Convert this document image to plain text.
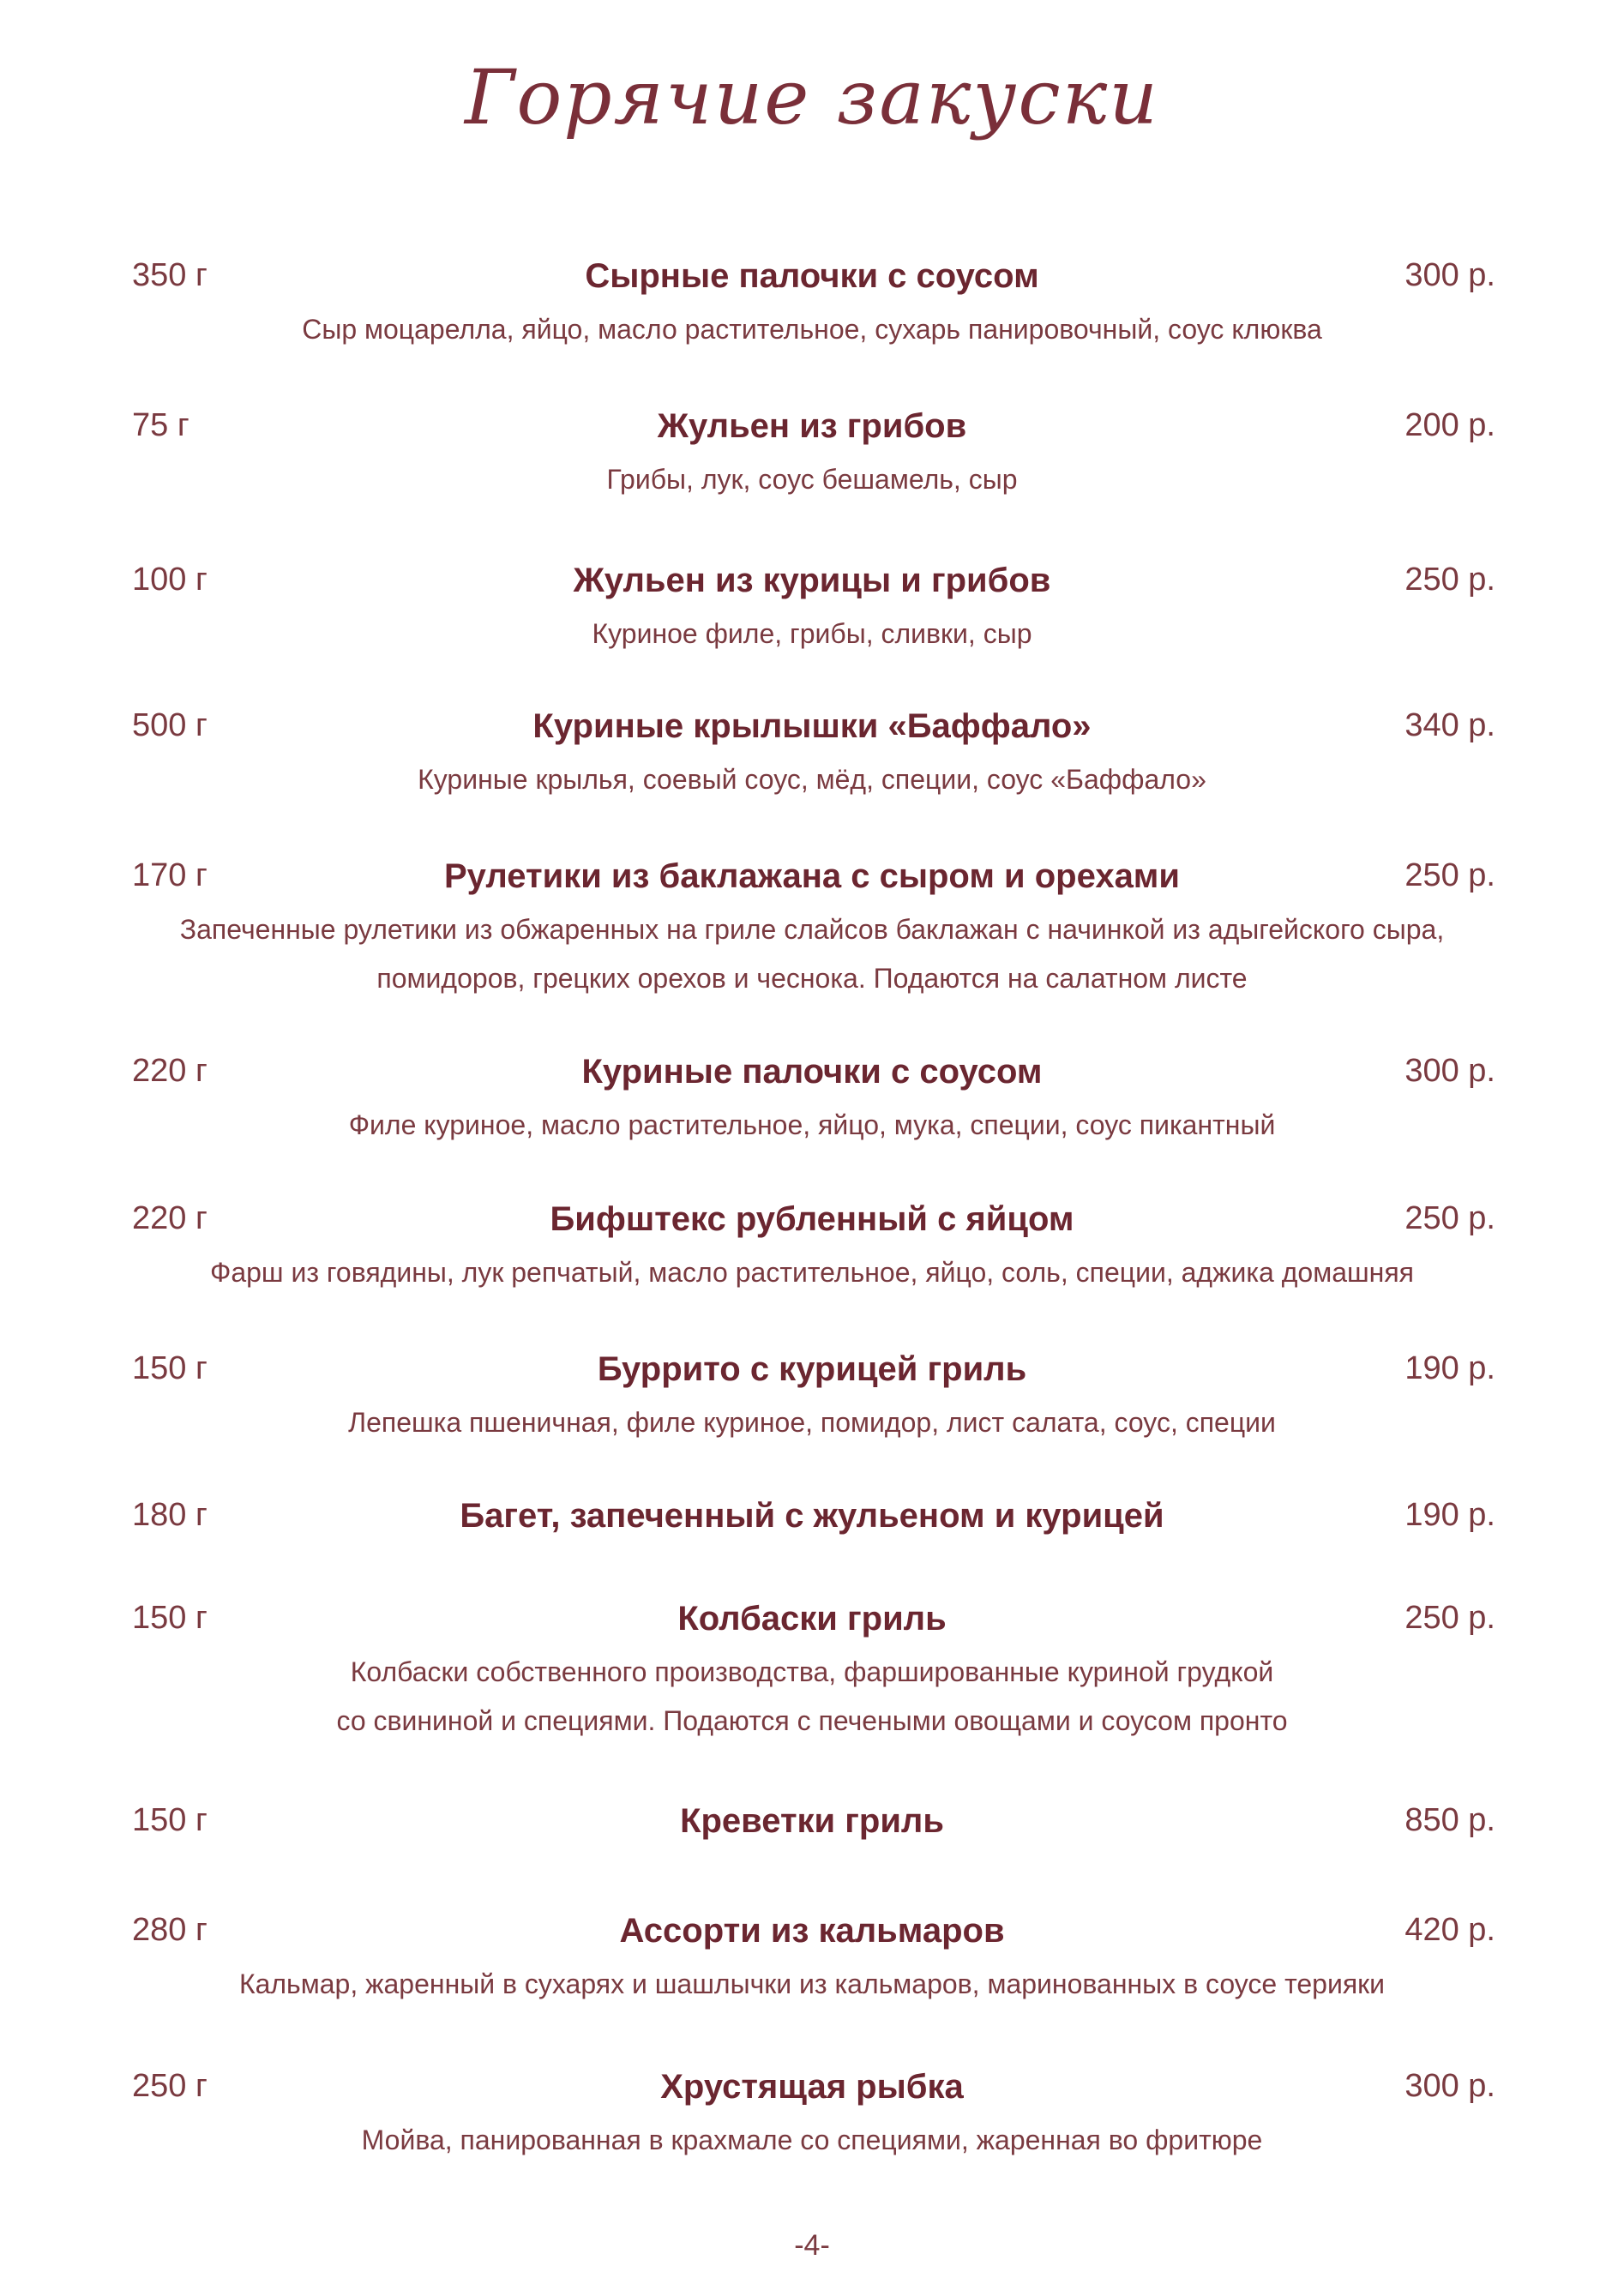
Горячие закуски
350 г	Сырные палочки с соусом	300 р.
Сыр моцарелла, яйцо, масло растительное, сухарь панировочный, соус клюква
75 г	Жульен из грибов	200 р.
Грибы, лук, соус бешамель, сыр
100 г	Жульен из курицы и грибов	250 р.
Куриное филе, грибы, сливки, сыр
500 г	Куриные крылышки «Баффало»	340 р.
Куриные крылья, соевый соус, мёд, специи, соус «Баффало»
170 г	Рулетики из баклажана с сыром и орехами	250 р.
Запеченные рулетики из обжаренных на гриле слайсов баклажан с начинкой из адыгейского сыра,
помидоров, грецких орехов и чеснока. Подаются на салатном листе
220 г	Куриные палочки с соусом	300 р.
Филе куриное, масло растительное, яйцо, мука, специи, соус пикантный
220 г	Бифштекс рубленный с яйцом	250 р.
Фарш из говядины, лук репчатый, масло растительное, яйцо, соль, специи, аджика домашняя
150 г	Буррито с курицей гриль	190 р.
Лепешка пшеничная, филе куриное, помидор, лист салата, соус, специи
180 г	Багет, запеченный с жульеном и курицей	190 р.
150 г	Колбаски гриль	250 р.
Колбаски собственного производства, фаршированные куриной грудкой
со свининой и специями. Подаются с печеными овощами и соусом пронто
150 г	Креветки гриль	850 р.
280 г	Ассорти из кальмаров	420 р.
Кальмар, жаренный в сухарях и шашлычки из кальмаров, маринованных в соусе терияки
250 г	Хрустящая рыбка	300 р.
Мойва, панированная в крахмале со специями, жаренная во фритюре
-4-
